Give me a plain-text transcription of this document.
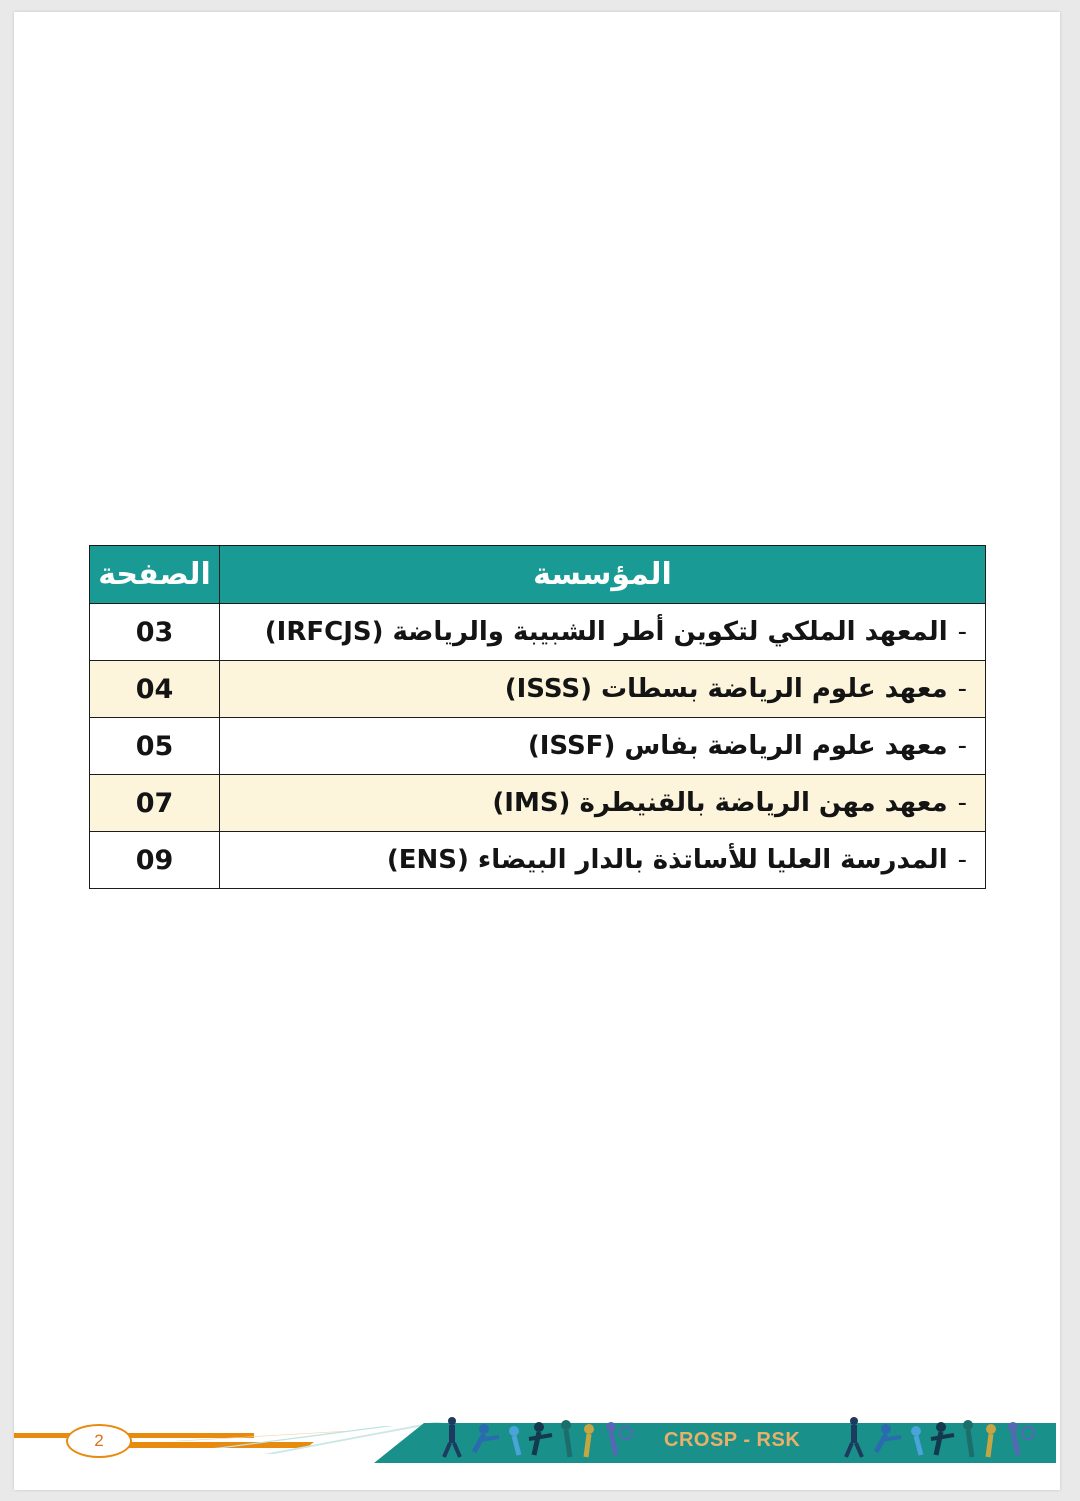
المؤسسة	الصفحة
-المعهد الملكي لتكوين أطر الشبيبة والرياضة (IRFCJS)	03
-معهد علوم الرياضة بسطات (ISSS)	04
-معهد علوم الرياضة بفاس (ISSF)	05
-معهد مهن الرياضة بالقنيطرة (IMS)	07
-المدرسة العليا للأساتذة بالدار البيضاء (ENS)	09
2	CROSP - RSK
